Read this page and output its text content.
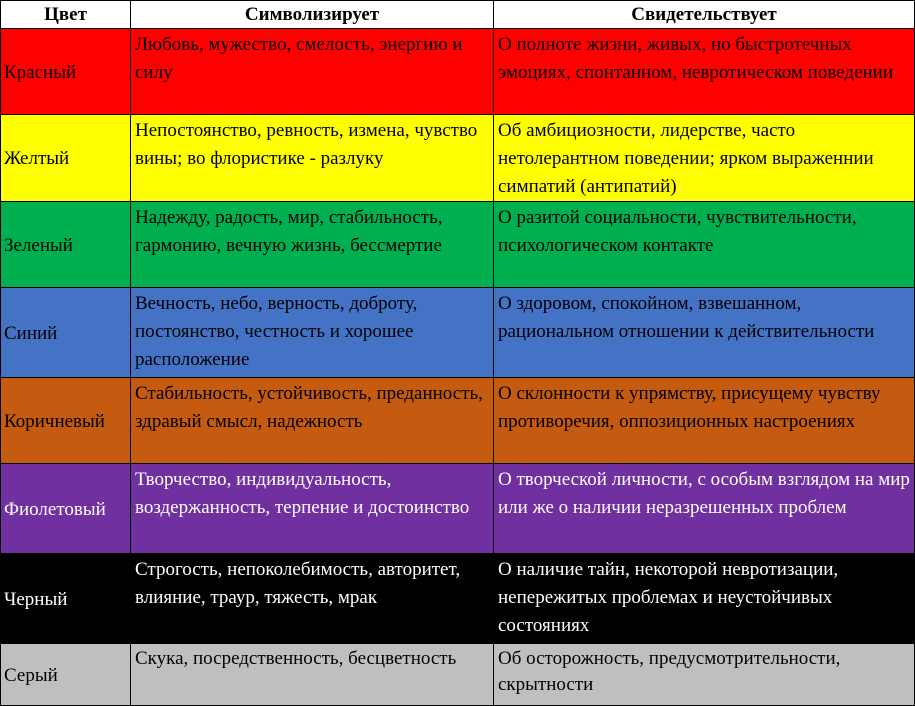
Цвет	Символизирует	Свидетельствует
Красный	Любовь, мужество, смелость, энергию и силу	О полноте жизни, живых, но быстротечных эмоциях, спонтанном, невротическом поведении
Желтый	Непостоянство, ревность, измена, чувство вины; во флористике - разлуку	Об амбициозности, лидерстве, часто нетолерантном поведении; ярком выраженнии симпатий (антипатий)
Зеленый	Надежду, радость, мир, стабильность, гармонию, вечную жизнь, бессмертие	О разитой социальности, чувствительности, психологическом контакте
Синий	Вечность, небо, верность, доброту, постоянство, честность и хорошее расположение	О здоровом, спокойном, взвешанном, рациональном отношении к действительности
Коричневый	Стабильность, устойчивость, преданность, здравый смысл, надежность	О склонности к упрямству, присущему чувству противоречия, оппозиционных настроениях
Фиолетовый	Творчество, индивидуальность, воздержанность, терпение и достоинство	О творческой личности, с особым взглядом на мир или же о наличии неразрешенных проблем
Черный	Строгость, непоколебимость, авторитет, влияние, траур, тяжесть, мрак	О наличие тайн, некоторой невротизации, непережитых проблемах и неустойчивых состояниях
Серый	Скука, посредственность, бесцветность	Об осторожность, предусмотрительности, скрытности
